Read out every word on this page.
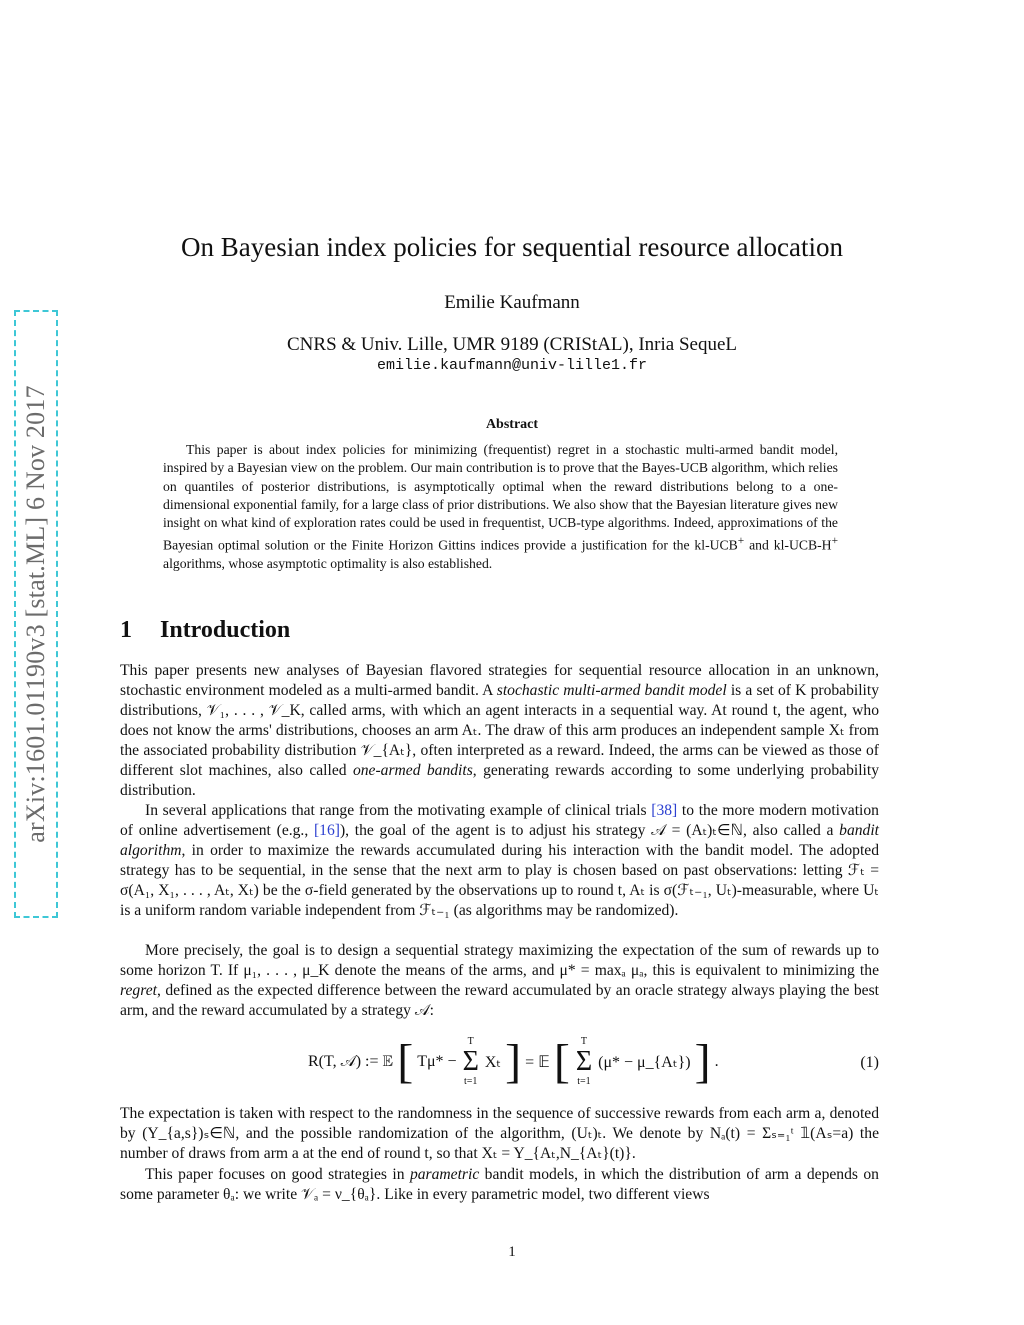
arXiv:1601.01190v3 [stat.ML] 6 Nov 2017
On Bayesian index policies for sequential resource allocation
Emilie Kaufmann
CNRS & Univ. Lille, UMR 9189 (CRIStAL), Inria SequeL
emilie.kaufmann@univ-lille1.fr
Abstract
This paper is about index policies for minimizing (frequentist) regret in a stochastic multi-armed bandit model, inspired by a Bayesian view on the problem. Our main contribution is to prove that the Bayes-UCB algorithm, which relies on quantiles of posterior distributions, is asymptotically optimal when the reward distributions belong to a one-dimensional exponential family, for a large class of prior distributions. We also show that the Bayesian literature gives new insight on what kind of exploration rates could be used in frequentist, UCB-type algorithms. Indeed, approximations of the Bayesian optimal solution or the Finite Horizon Gittins indices provide a justification for the kl-UCB+ and kl-UCB-H+ algorithms, whose asymptotic optimality is also established.
1 Introduction
This paper presents new analyses of Bayesian flavored strategies for sequential resource allocation in an unknown, stochastic environment modeled as a multi-armed bandit. A stochastic multi-armed bandit model is a set of K probability distributions, 𝒱₁, . . . , 𝒱_K, called arms, with which an agent interacts in a sequential way. At round t, the agent, who does not know the arms' distributions, chooses an arm Aₜ. The draw of this arm produces an independent sample Xₜ from the associated probability distribution 𝒱_{Aₜ}, often interpreted as a reward. Indeed, the arms can be viewed as those of different slot machines, also called one-armed bandits, generating rewards according to some underlying probability distribution.
In several applications that range from the motivating example of clinical trials [38] to the more modern motivation of online advertisement (e.g., [16]), the goal of the agent is to adjust his strategy 𝒜 = (Aₜ)ₜ∈ℕ, also called a bandit algorithm, in order to maximize the rewards accumulated during his interaction with the bandit model. The adopted strategy has to be sequential, in the sense that the next arm to play is chosen based on past observations: letting ℱₜ = σ(A₁, X₁, . . . , Aₜ, Xₜ) be the σ-field generated by the observations up to round t, Aₜ is σ(ℱₜ₋₁, Uₜ)-measurable, where Uₜ is a uniform random variable independent from ℱₜ₋₁ (as algorithms may be randomized).
More precisely, the goal is to design a sequential strategy maximizing the expectation of the sum of rewards up to some horizon T. If μ₁, . . . , μ_K denote the means of the arms, and μ* = maxₐ μₐ, this is equivalent to minimizing the regret, defined as the expected difference between the reward accumulated by an oracle strategy always playing the best arm, and the reward accumulated by a strategy 𝒜:
R(T, 𝒜) := 𝔼 [ Tμ* −
T
Σ
t=1
Xₜ ] = 𝔼 [	T
Σ
t=1
(μ* − μ_{Aₜ}) ] .	(1)
The expectation is taken with respect to the randomness in the sequence of successive rewards from each arm a, denoted by (Y_{a,s})ₛ∈ℕ, and the possible randomization of the algorithm, (Uₜ)ₜ. We denote by Nₐ(t) = Σₛ₌₁ᵗ 𝟙(Aₛ=a) the number of draws from arm a at the end of round t, so that Xₜ = Y_{Aₜ,N_{Aₜ}(t)}.
This paper focuses on good strategies in parametric bandit models, in which the distribution of arm a depends on some parameter θₐ: we write 𝒱ₐ = ν_{θₐ}. Like in every parametric model, two different views
1
